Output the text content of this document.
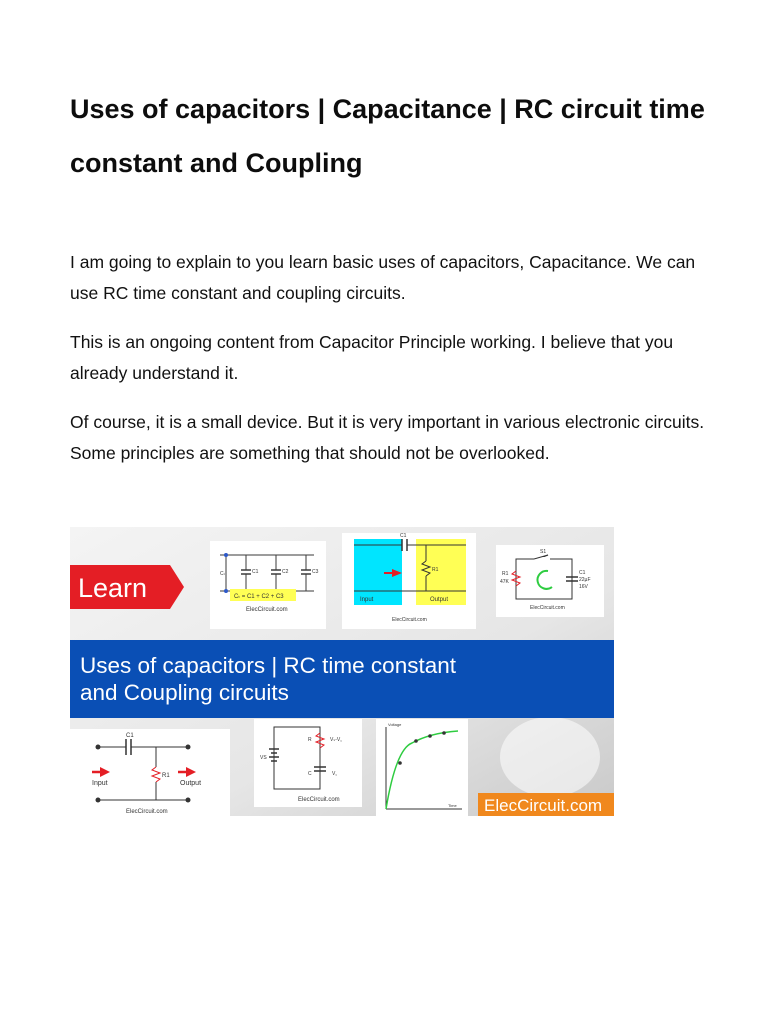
Uses of capacitors | Capacitance | RC circuit time constant and Coupling

I am going to explain to you learn basic uses of capacitors, Capacitance. We can use RC time constant and coupling circuits.

This is an ongoing content from Capacitor Principle working. I believe that you already understand it.

Of course, it is a small device. But it is very important in various electronic circuits. Some principles are something that should not be overlooked.

Learn	Cₜ	C1	C2	C3
Cₜ = C1 + C2 + C3
ElecCircuit.com
C1
R1
Input	Output
ElecCircuit.com
S1
R1
47K
C1
22µF
16V
ElecCircuit.com
Uses of capacitors | RC time constant
and Coupling circuits
C1
R1
Input	Output
ElecCircuit.com
VS
R	Vₛ-V꜀
C	V꜀
ElecCircuit.com
Voltage
Time ElecCircuit.com
